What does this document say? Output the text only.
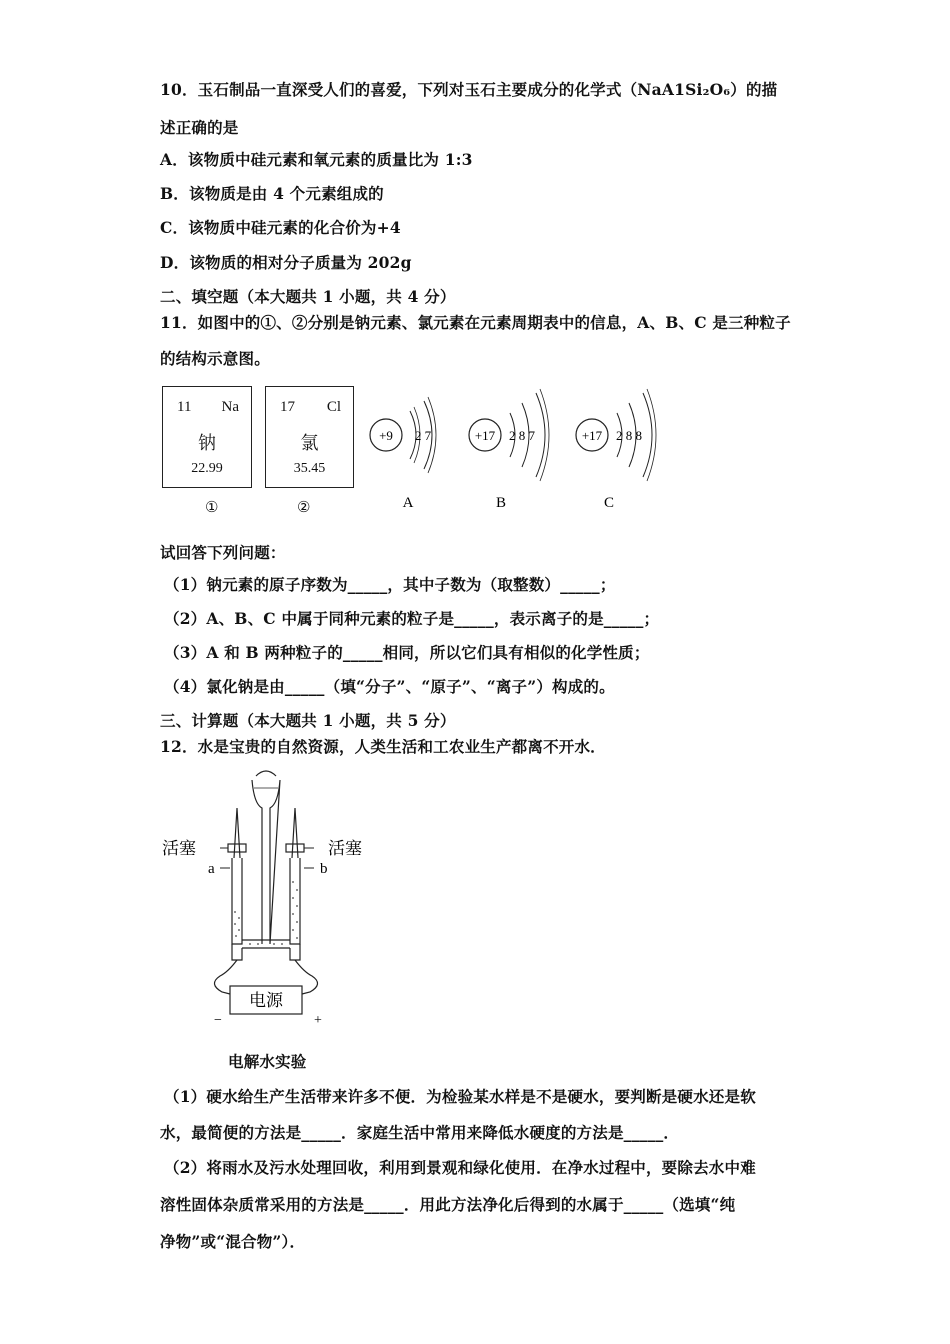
10．玉石制品一直深受人们的喜爱，下列对玉石主要成分的化学式（NaA1Si₂O₆）的描
述正确的是
A．该物质中硅元素和氧元素的质量比为 1:3
B．该物质是由 4 个元素组成的
C．该物质中硅元素的化合价为+4
D．该物质的相对分子质量为 202g
二、填空题（本大题共 1 小题，共 4 分）
11．如图中的①、②分别是钠元素、氯元素在元素周期表中的信息，A、B、C 是三种粒子
的结构示意图。
11 Na
钠
22.99
17 Cl
氯
35.45
①	②
+9 2 7
A
+17 2 8 7
B
+17 2 8 8
C
试回答下列问题：
（1）钠元素的原子序数为_____，其中子数为（取整数）_____；
（2）A、B、C 中属于同种元素的粒子是_____，表示离子的是_____；
（3）A 和 B 两种粒子的_____相同，所以它们具有相似的化学性质；
（4）氯化钠是由_____（填“分子”、“原子”、“离子”）构成的。
三、计算题（本大题共 1 小题，共 5 分）
12．水是宝贵的自然资源，人类生活和工农业生产都离不开水．
活塞	活塞
a	b
电源
−	+
电解水实验
（1）硬水给生产生活带来许多不便．为检验某水样是不是硬水，要判断是硬水还是软
水，最简便的方法是_____．家庭生活中常用来降低水硬度的方法是_____．
（2）将雨水及污水处理回收，利用到景观和绿化使用．在净水过程中，要除去水中难
溶性固体杂质常采用的方法是_____．用此方法净化后得到的水属于_____（选填“纯
净物”或“混合物”）．
